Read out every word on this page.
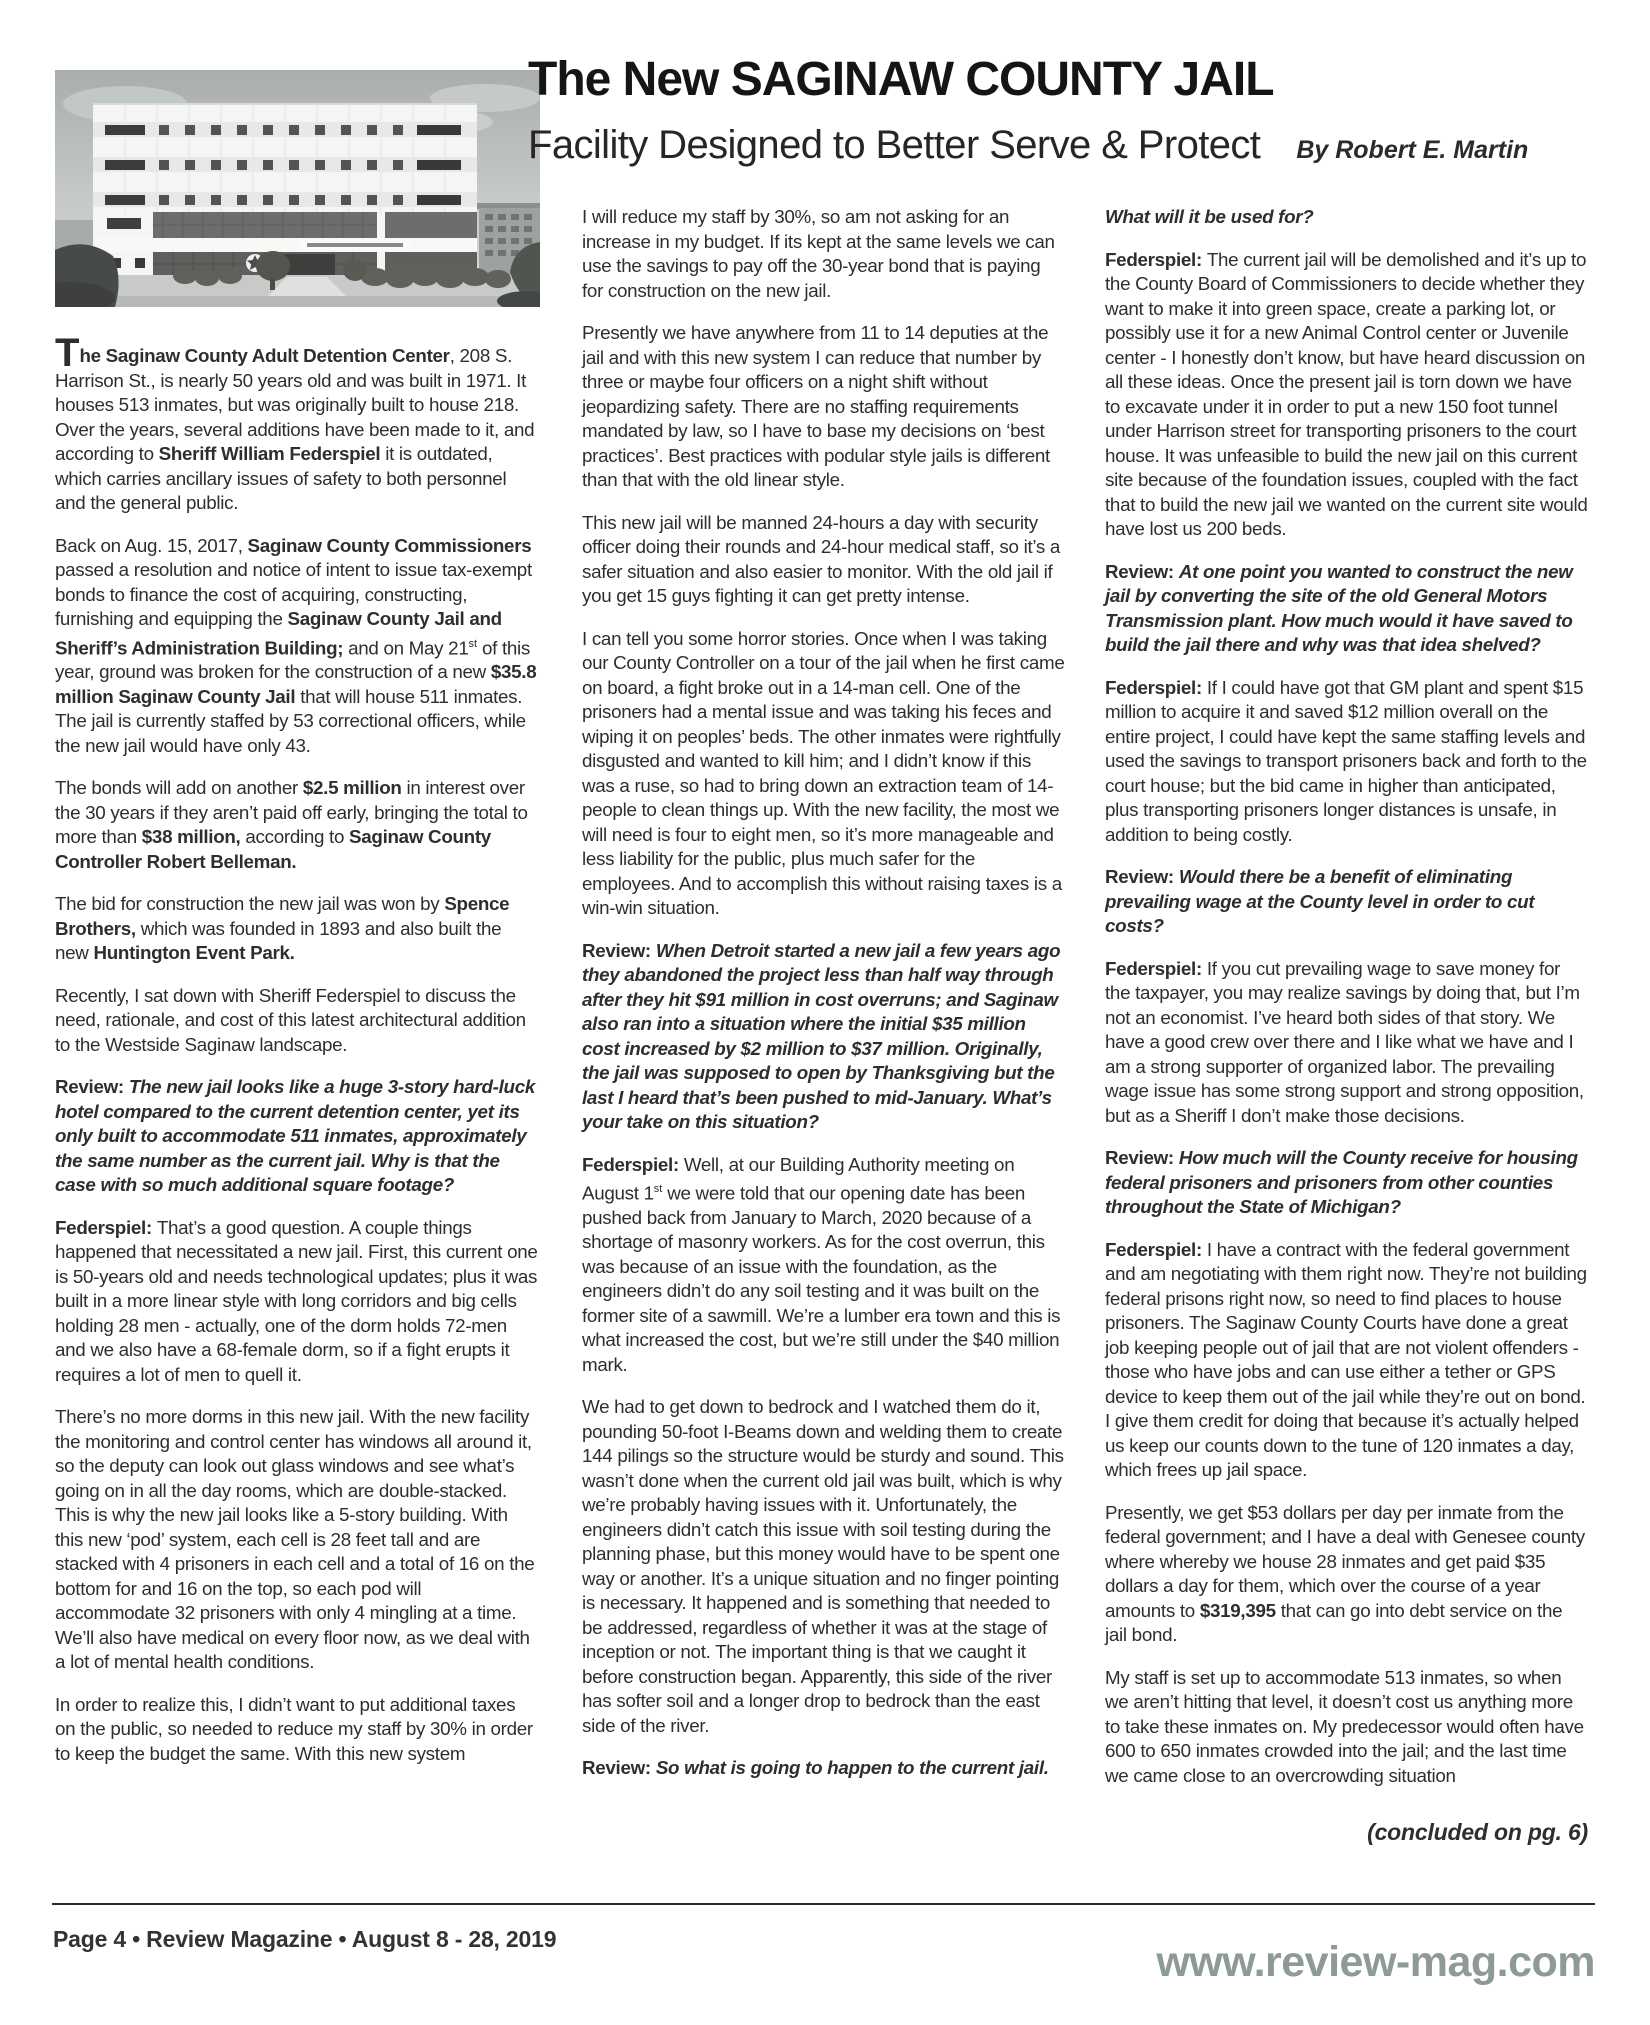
The New SAGINAW COUNTY JAIL
Facility Designed to Better Serve & Protect By Robert E. Martin

The Saginaw County Adult Detention Center, 208 S. Harrison St., is nearly 50 years old and was built in 1971. It houses 513 inmates, but was originally built to house 218. Over the years, several additions have been made to it, and according to Sheriff William Federspiel it is outdated, which carries ancillary issues of safety to both personnel and the general public.

Back on Aug. 15, 2017, Saginaw County Commissioners passed a resolution and notice of intent to issue tax-exempt bonds to finance the cost of acquiring, constructing, furnishing and equipping the Saginaw County Jail and Sheriff’s Administration Building; and on May 21st of this year, ground was broken for the construction of a new $35.8 million Saginaw County Jail that will house 511 inmates. The jail is currently staffed by 53 correctional officers, while the new jail would have only 43.

The bonds will add on another $2.5 million in interest over the 30 years if they aren’t paid off early, bringing the total to more than $38 million, according to Saginaw County Controller Robert Belleman.

The bid for construction the new jail was won by Spence Brothers, which was founded in 1893 and also built the new Huntington Event Park.

Recently, I sat down with Sheriff Federspiel to discuss the need, rationale, and cost of this latest architectural addition to the Westside Saginaw landscape.

Review: The new jail looks like a huge 3-story hard-luck hotel compared to the current detention center, yet its only built to accommodate 511 inmates, approximately the same number as the current jail. Why is that the case with so much additional square footage?

Federspiel: That’s a good question. A couple things happened that necessitated a new jail. First, this current one is 50-years old and needs technological updates; plus it was built in a more linear style with long corridors and big cells holding 28 men - actually, one of the dorm holds 72-men and we also have a 68-female dorm, so if a fight erupts it requires a lot of men to quell it.

There’s no more dorms in this new jail. With the new facility the monitoring and control center has windows all around it, so the deputy can look out glass windows and see what’s going on in all the day rooms, which are double-stacked. This is why the new jail looks like a 5-story building. With this new ‘pod’ system, each cell is 28 feet tall and are stacked with 4 prisoners in each cell and a total of 16 on the bottom for and 16 on the top, so each pod will accommodate 32 prisoners with only 4 mingling at a time. We’ll also have medical on every floor now, as we deal with a lot of mental health conditions.

In order to realize this, I didn’t want to put additional taxes on the public, so needed to reduce my staff by 30% in order to keep the budget the same. With this new system

I will reduce my staff by 30%, so am not asking for an increase in my budget. If its kept at the same levels we can use the savings to pay off the 30-year bond that is paying for construction on the new jail.

Presently we have anywhere from 11 to 14 deputies at the jail and with this new system I can reduce that number by three or maybe four officers on a night shift without jeopardizing safety. There are no staffing requirements mandated by law, so I have to base my decisions on ‘best practices’. Best practices with podular style jails is different than that with the old linear style.

This new jail will be manned 24-hours a day with security officer doing their rounds and 24-hour medical staff, so it’s a safer situation and also easier to monitor. With the old jail if you get 15 guys fighting it can get pretty intense.

I can tell you some horror stories. Once when I was taking our County Controller on a tour of the jail when he first came on board, a fight broke out in a 14-man cell. One of the prisoners had a mental issue and was taking his feces and wiping it on peoples’ beds. The other inmates were rightfully disgusted and wanted to kill him; and I didn’t know if this was a ruse, so had to bring down an extraction team of 14-people to clean things up. With the new facility, the most we will need is four to eight men, so it’s more manageable and less liability for the public, plus much safer for the employees. And to accomplish this without raising taxes is a win-win situation.

Review: When Detroit started a new jail a few years ago they abandoned the project less than half way through after they hit $91 million in cost overruns; and Saginaw also ran into a situation where the initial $35 million cost increased by $2 million to $37 million. Originally, the jail was supposed to open by Thanksgiving but the last I heard that’s been pushed to mid-January. What’s your take on this situation?

Federspiel: Well, at our Building Authority meeting on August 1st we were told that our opening date has been pushed back from January to March, 2020 because of a shortage of masonry workers. As for the cost overrun, this was because of an issue with the foundation, as the engineers didn’t do any soil testing and it was built on the former site of a sawmill. We’re a lumber era town and this is what increased the cost, but we’re still under the $40 million mark.

We had to get down to bedrock and I watched them do it, pounding 50-foot I-Beams down and welding them to create 144 pilings so the structure would be sturdy and sound. This wasn’t done when the current old jail was built, which is why we’re probably having issues with it. Unfortunately, the engineers didn’t catch this issue with soil testing during the planning phase, but this money would have to be spent one way or another. It’s a unique situation and no finger pointing is necessary. It happened and is something that needed to be addressed, regardless of whether it was at the stage of inception or not. The important thing is that we caught it before construction began. Apparently, this side of the river has softer soil and a longer drop to bedrock than the east side of the river.

Review: So what is going to happen to the current jail.

What will it be used for?

Federspiel: The current jail will be demolished and it’s up to the County Board of Commissioners to decide whether they want to make it into green space, create a parking lot, or possibly use it for a new Animal Control center or Juvenile center - I honestly don’t know, but have heard discussion on all these ideas. Once the present jail is torn down we have to excavate under it in order to put a new 150 foot tunnel under Harrison street for transporting prisoners to the court house. It was unfeasible to build the new jail on this current site because of the foundation issues, coupled with the fact that to build the new jail we wanted on the current site would have lost us 200 beds.

Review: At one point you wanted to construct the new jail by converting the site of the old General Motors Transmission plant. How much would it have saved to build the jail there and why was that idea shelved?

Federspiel: If I could have got that GM plant and spent $15 million to acquire it and saved $12 million overall on the entire project, I could have kept the same staffing levels and used the savings to transport prisoners back and forth to the court house; but the bid came in higher than anticipated, plus transporting prisoners longer distances is unsafe, in addition to being costly.

Review: Would there be a benefit of eliminating prevailing wage at the County level in order to cut costs?

Federspiel: If you cut prevailing wage to save money for the taxpayer, you may realize savings by doing that, but I’m not an economist. I’ve heard both sides of that story. We have a good crew over there and I like what we have and I am a strong supporter of organized labor. The prevailing wage issue has some strong support and strong opposition, but as a Sheriff I don’t make those decisions.

Review: How much will the County receive for housing federal prisoners and prisoners from other counties throughout the State of Michigan?

Federspiel: I have a contract with the federal government and am negotiating with them right now. They’re not building federal prisons right now, so need to find places to house prisoners. The Saginaw County Courts have done a great job keeping people out of jail that are not violent offenders - those who have jobs and can use either a tether or GPS device to keep them out of the jail while they’re out on bond. I give them credit for doing that because it’s actually helped us keep our counts down to the tune of 120 inmates a day, which frees up jail space.

Presently, we get $53 dollars per day per inmate from the federal government; and I have a deal with Genesee county where whereby we house 28 inmates and get paid $35 dollars a day for them, which over the course of a year amounts to $319,395 that can go into debt service on the jail bond.

My staff is set up to accommodate 513 inmates, so when we aren’t hitting that level, it doesn’t cost us anything more to take these inmates on. My predecessor would often have 600 to 650 inmates crowded into the jail; and the last time we came close to an overcrowding situation

(concluded on pg. 6)

Page 4 • Review Magazine • August 8 - 28, 2019	www.review-mag.com
